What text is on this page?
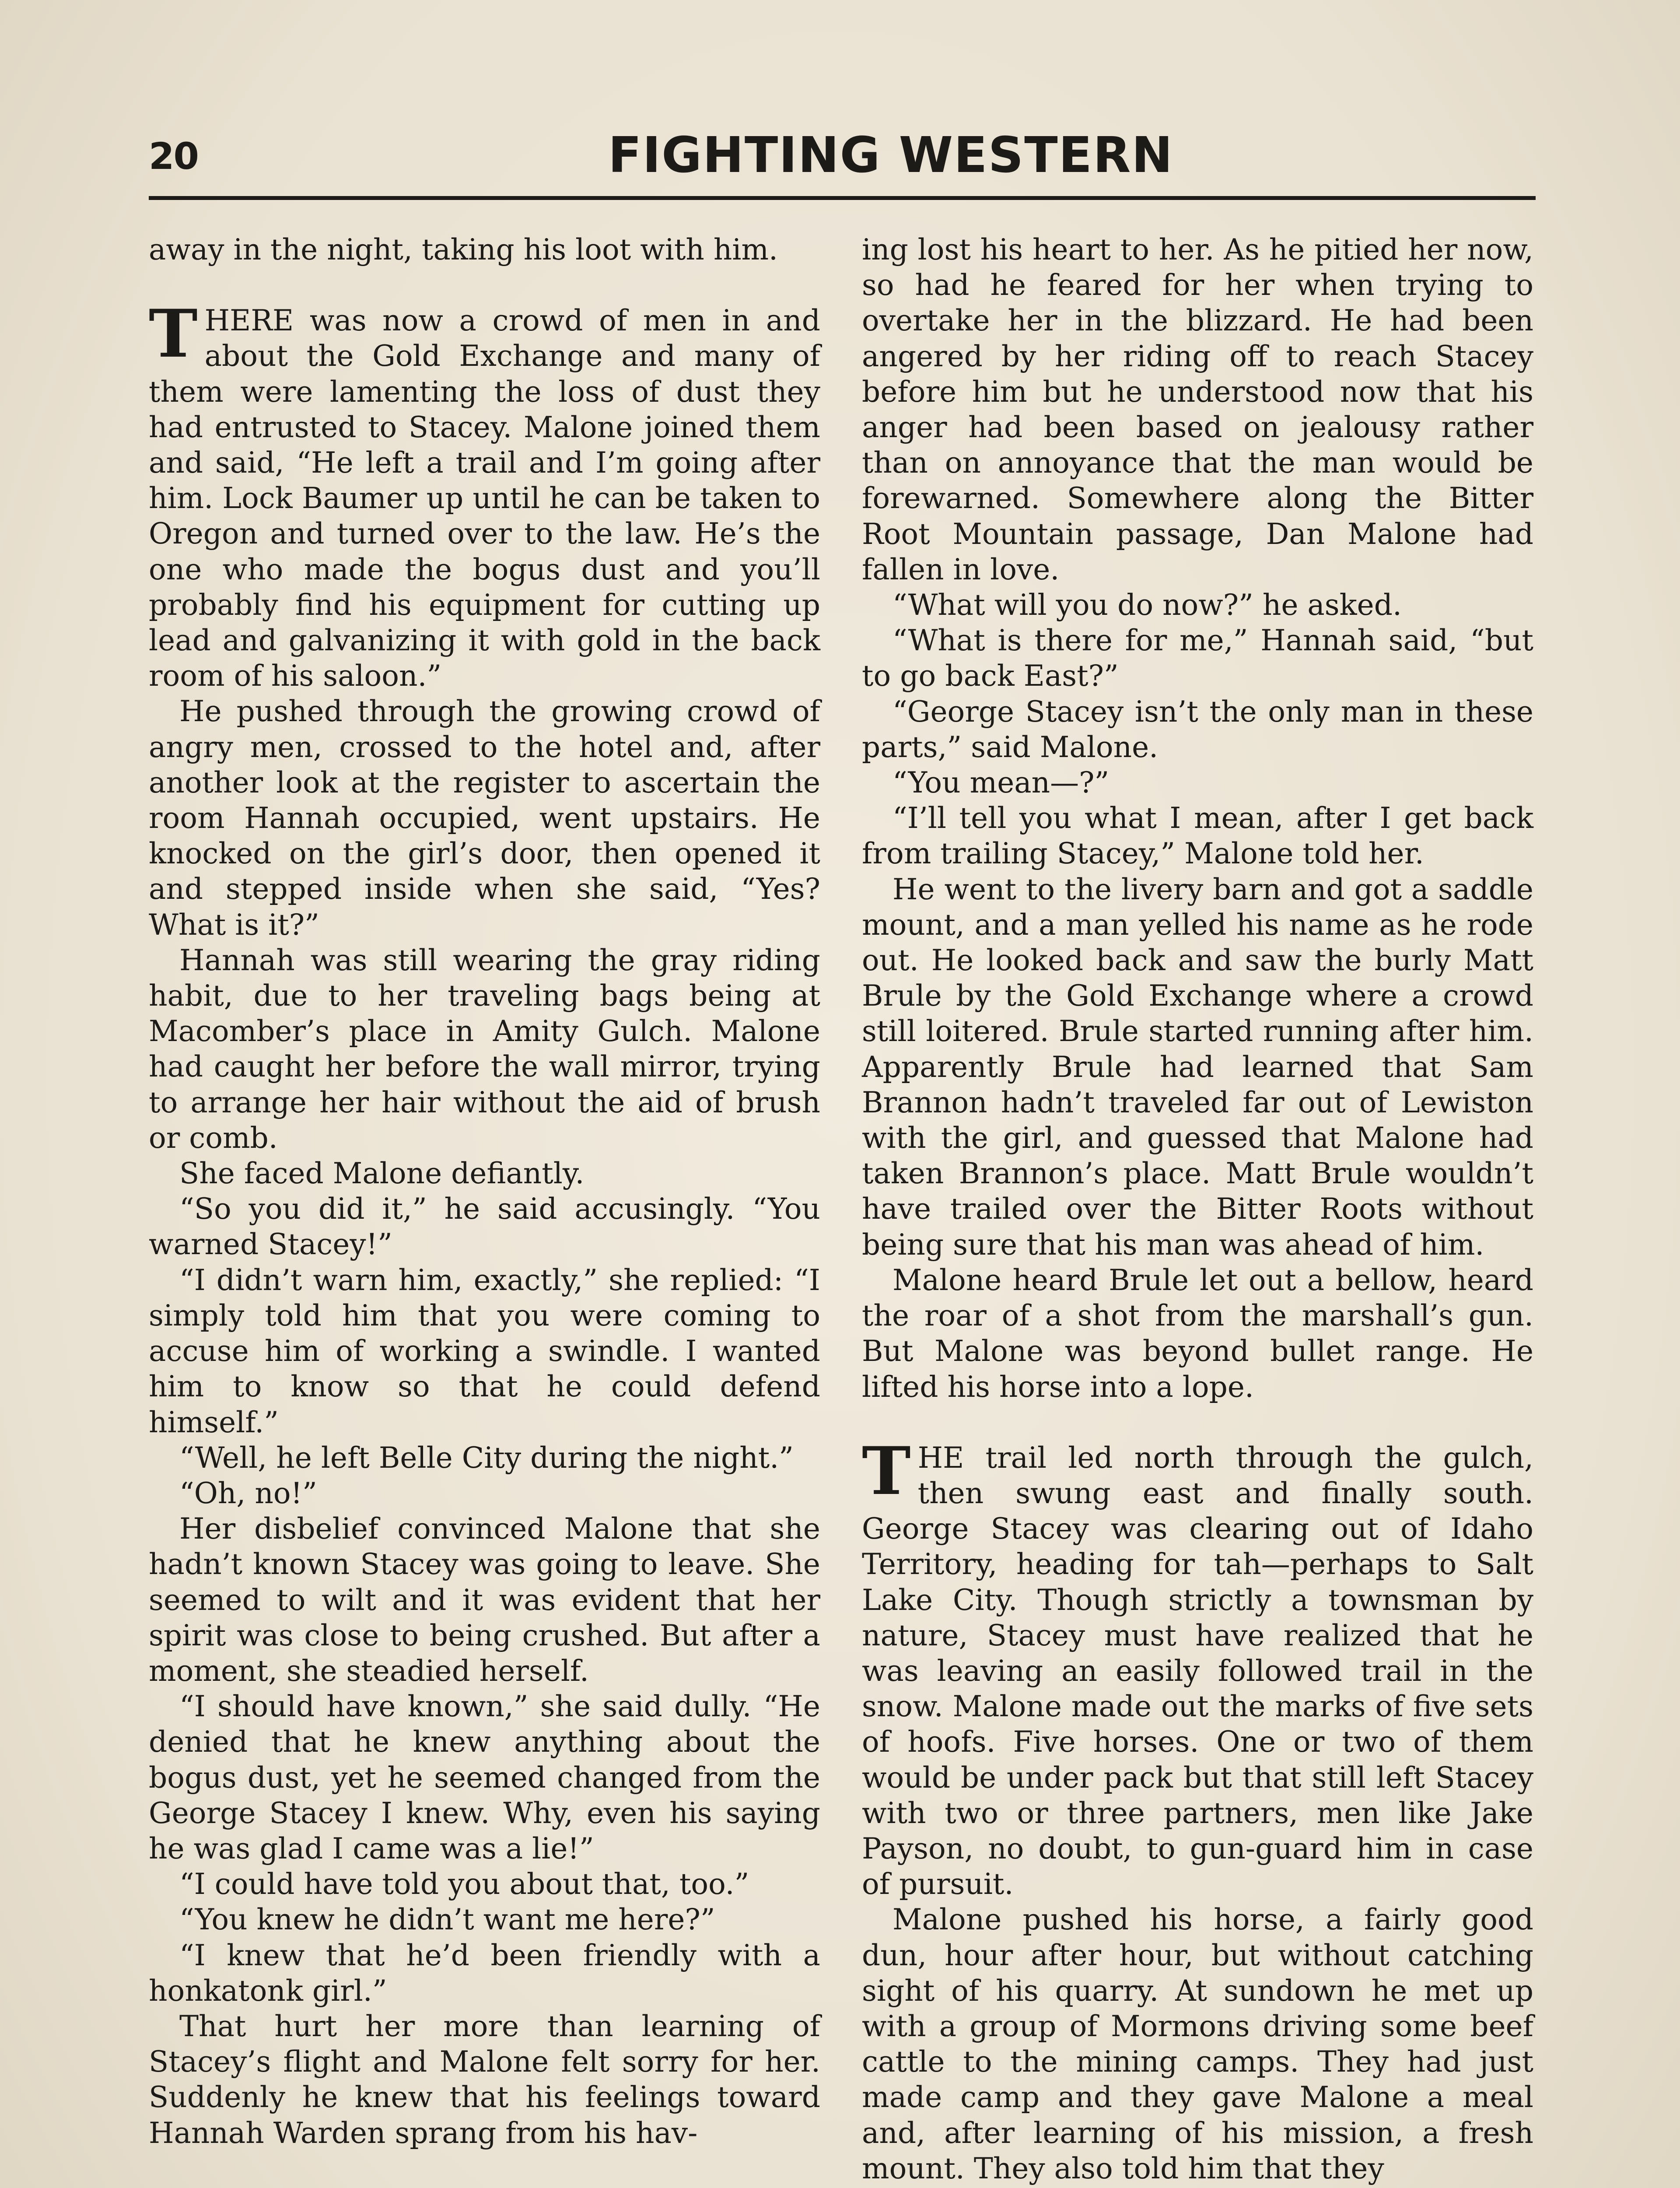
20	FIGHTING WESTERN

away in the night, taking his loot with him.

THERE was now a crowd of men in and about the Gold Exchange and many of them were lamenting the loss of dust they had entrusted to Stacey. Malone joined them and said, “He left a trail and I’m going after him. Lock Baumer up until he can be taken to Oregon and turned over to the law. He’s the one who made the bogus dust and you’ll probably find his equipment for cutting up lead and galvanizing it with gold in the back room of his saloon.”

He pushed through the growing crowd of angry men, crossed to the hotel and, after another look at the register to ascertain the room Hannah occupied, went upstairs. He knocked on the girl’s door, then opened it and stepped inside when she said, “Yes? What is it?”

Hannah was still wearing the gray riding habit, due to her traveling bags being at Macomber’s place in Amity Gulch. Malone had caught her before the wall mirror, trying to arrange her hair without the aid of brush or comb.

She faced Malone defiantly.

“So you did it,” he said accusingly. “You warned Stacey!”

“I didn’t warn him, exactly,” she replied: “I simply told him that you were coming to accuse him of working a swindle. I wanted him to know so that he could defend himself.”

“Well, he left Belle City during the night.”

“Oh, no!”

Her disbelief convinced Malone that she hadn’t known Stacey was going to leave. She seemed to wilt and it was evident that her spirit was close to being crushed. But after a moment, she steadied herself.

“I should have known,” she said dully. “He denied that he knew anything about the bogus dust, yet he seemed changed from the George Stacey I knew. Why, even his saying he was glad I came was a lie!”

“I could have told you about that, too.”

“You knew he didn’t want me here?”

“I knew that he’d been friendly with a honkatonk girl.”

That hurt her more than learning of Stacey’s flight and Malone felt sorry for her. Suddenly he knew that his feelings toward Hannah Warden sprang from his hav-

ing lost his heart to her. As he pitied her now, so had he feared for her when trying to overtake her in the blizzard. He had been angered by her riding off to reach Stacey before him but he understood now that his anger had been based on jealousy rather than on annoyance that the man would be forewarned. Somewhere along the Bitter Root Mountain passage, Dan Malone had fallen in love.

“What will you do now?” he asked.

“What is there for me,” Hannah said, “but to go back East?”

“George Stacey isn’t the only man in these parts,” said Malone.

“You mean—?”

“I’ll tell you what I mean, after I get back from trailing Stacey,” Malone told her.

He went to the livery barn and got a saddle mount, and a man yelled his name as he rode out. He looked back and saw the burly Matt Brule by the Gold Exchange where a crowd still loitered. Brule started running after him. Apparently Brule had learned that Sam Brannon hadn’t traveled far out of Lewiston with the girl, and guessed that Malone had taken Brannon’s place. Matt Brule wouldn’t have trailed over the Bitter Roots without being sure that his man was ahead of him.

Malone heard Brule let out a bellow, heard the roar of a shot from the marshall’s gun. But Malone was beyond bullet range. He lifted his horse into a lope.

THE trail led north through the gulch, then swung east and finally south. George Stacey was clearing out of Idaho Territory, heading for tah—perhaps to Salt Lake City. Though strictly a townsman by nature, Stacey must have realized that he was leaving an easily followed trail in the snow. Malone made out the marks of five sets of hoofs. Five horses. One or two of them would be under pack but that still left Stacey with two or three partners, men like Jake Payson, no doubt, to gun-guard him in case of pursuit.

Malone pushed his horse, a fairly good dun, hour after hour, but without catching sight of his quarry. At sundown he met up with a group of Mormons driving some beef cattle to the mining camps. They had just made camp and they gave Malone a meal and, after learning of his mission, a fresh mount. They also told him that they
